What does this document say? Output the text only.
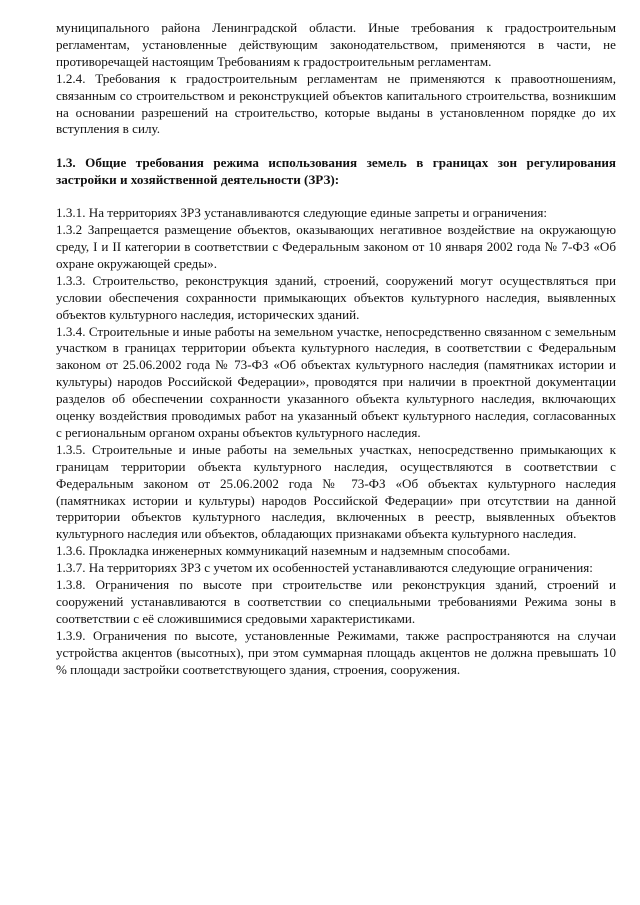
муниципального района Ленинградской области. Иные требования к градостроительным регламентам, установленные действующим законодательством, применяются в части, не противоречащей настоящим Требованиям к градостроительным регламентам.

1.2.4. Требования к градостроительным регламентам не применяются к правоотношениям, связанным со строительством и реконструкцией объектов капитального строительства, возникшим на основании разрешений на строительство, которые выданы в установленном порядке до их вступления в силу.

1.3. Общие требования режима использования земель в границах зон регулирования застройки и хозяйственной деятельности (ЗРЗ):

1.3.1. На территориях ЗРЗ устанавливаются следующие единые запреты и ограничения:

1.3.2 Запрещается размещение объектов, оказывающих негативное воздействие на окружающую среду, I и II категории в соответствии с Федеральным законом от 10 января 2002 года № 7-ФЗ «Об охране окружающей среды».

1.3.3. Строительство, реконструкция зданий, строений, сооружений могут осуществляться при условии обеспечения сохранности примыкающих объектов культурного наследия, выявленных объектов культурного наследия, исторических зданий.

1.3.4. Строительные и иные работы на земельном участке, непосредственно связанном с земельным участком в границах территории объекта культурного наследия, в соответствии с Федеральным законом от 25.06.2002 года № 73-ФЗ «Об объектах культурного наследия (памятниках истории и культуры) народов Российской Федерации», проводятся при наличии в проектной документации разделов об обеспечении сохранности указанного объекта культурного наследия, включающих оценку воздействия проводимых работ на указанный объект культурного наследия, согласованных с региональным органом охраны объектов культурного наследия.

1.3.5. Строительные и иные работы на земельных участках, непосредственно примыкающих к границам территории объекта культурного наследия, осуществляются в соответствии с Федеральным законом от 25.06.2002 года № 73-ФЗ «Об объектах культурного наследия (памятниках истории и культуры) народов Российской Федерации» при отсутствии на данной территории объектов культурного наследия, включенных в реестр, выявленных объектов культурного наследия или объектов, обладающих признаками объекта культурного наследия.

1.3.6. Прокладка инженерных коммуникаций наземным и надземным способами.

1.3.7. На территориях ЗРЗ с учетом их особенностей устанавливаются следующие ограничения:

1.3.8. Ограничения по высоте при строительстве или реконструкция зданий, строений и сооружений устанавливаются в соответствии со специальными требованиями Режима зоны в соответствии с её сложившимися средовыми характеристиками.

1.3.9. Ограничения по высоте, установленные Режимами, также распространяются на случаи устройства акцентов (высотных), при этом суммарная площадь акцентов не должна превышать 10 % площади застройки соответствующего здания, строения, сооружения.
